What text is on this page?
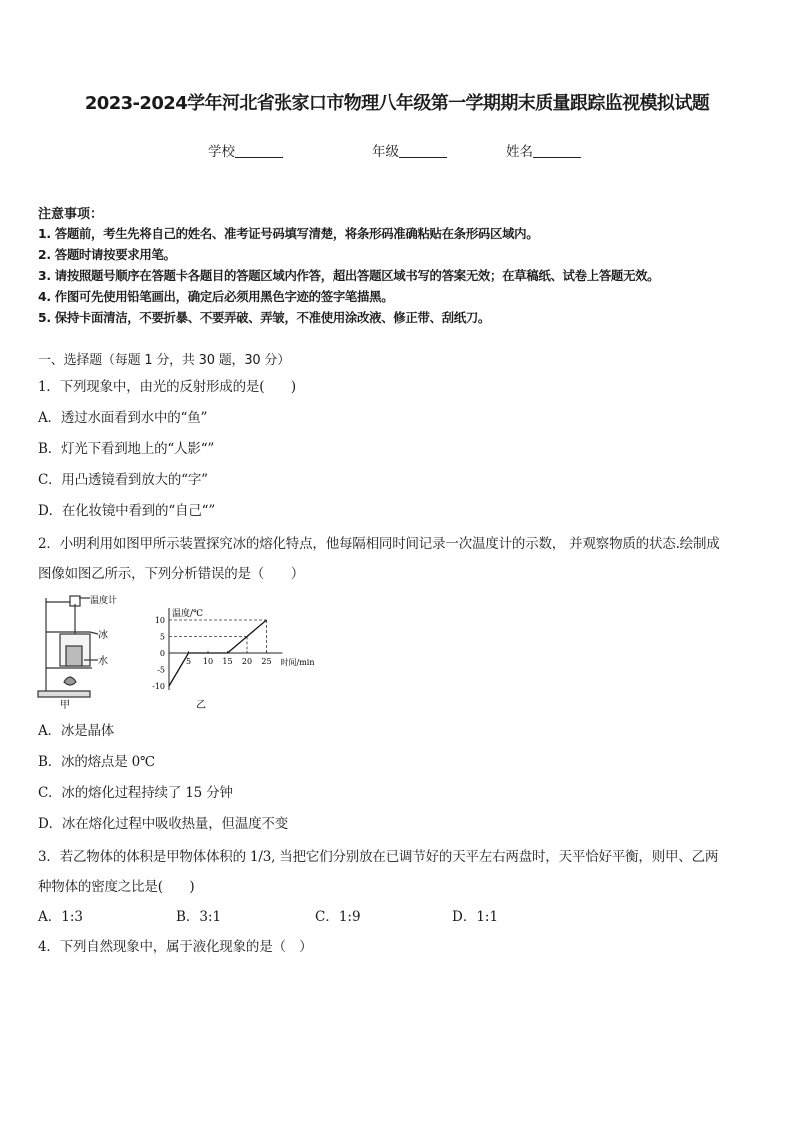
2023-2024学年河北省张家口市物理八年级第一学期期末质量跟踪监视模拟试题
学校	年级	姓名
注意事项：
1. 答题前，考生先将自己的姓名、准考证号码填写清楚，将条形码准确粘贴在条形码区域内。
2. 答题时请按要求用笔。
3. 请按照题号顺序在答题卡各题目的答题区域内作答，超出答题区域书写的答案无效；在草稿纸、试卷上答题无效。
4. 作图可先使用铅笔画出，确定后必须用黑色字迹的签字笔描黑。
5. 保持卡面清洁，不要折暴、不要弄破、弄皱，不准使用涂改液、修正带、刮纸刀。
一、选择题（每题 1 分，共 30 题，30 分）
1．下列现象中，由光的反射形成的是(　　)
A．透过水面看到水中的“鱼”
B．灯光下看到地上的“人影“”
C．用凸透镜看到放大的“字”
D．在化妆镜中看到的“自己“”
2．小明利用如图甲所示装置探究冰的熔化特点，他每隔相同时间记录一次温度计的示数， 并观察物质的状态.绘制成
图像如图乙所示，下列分析错误的是（　　）
温度计
冰
水
甲
温度/℃
时间/min
10
5
0
-5
-10
5 10 15 20 25
乙
A．冰是晶体
B．冰的熔点是 0℃
C．冰的熔化过程持续了 15 分钟
D．冰在熔化过程中吸收热量，但温度不变
3．若乙物体的体积是甲物体体积的 1/3, 当把它们分别放在已调节好的天平左右两盘时，天平恰好平衡，则甲、乙两
种物体的密度之比是(　　)
A．1:3	B．3:1	C．1:9	D．1:1
4．下列自然现象中，属于液化现象的是（　）
